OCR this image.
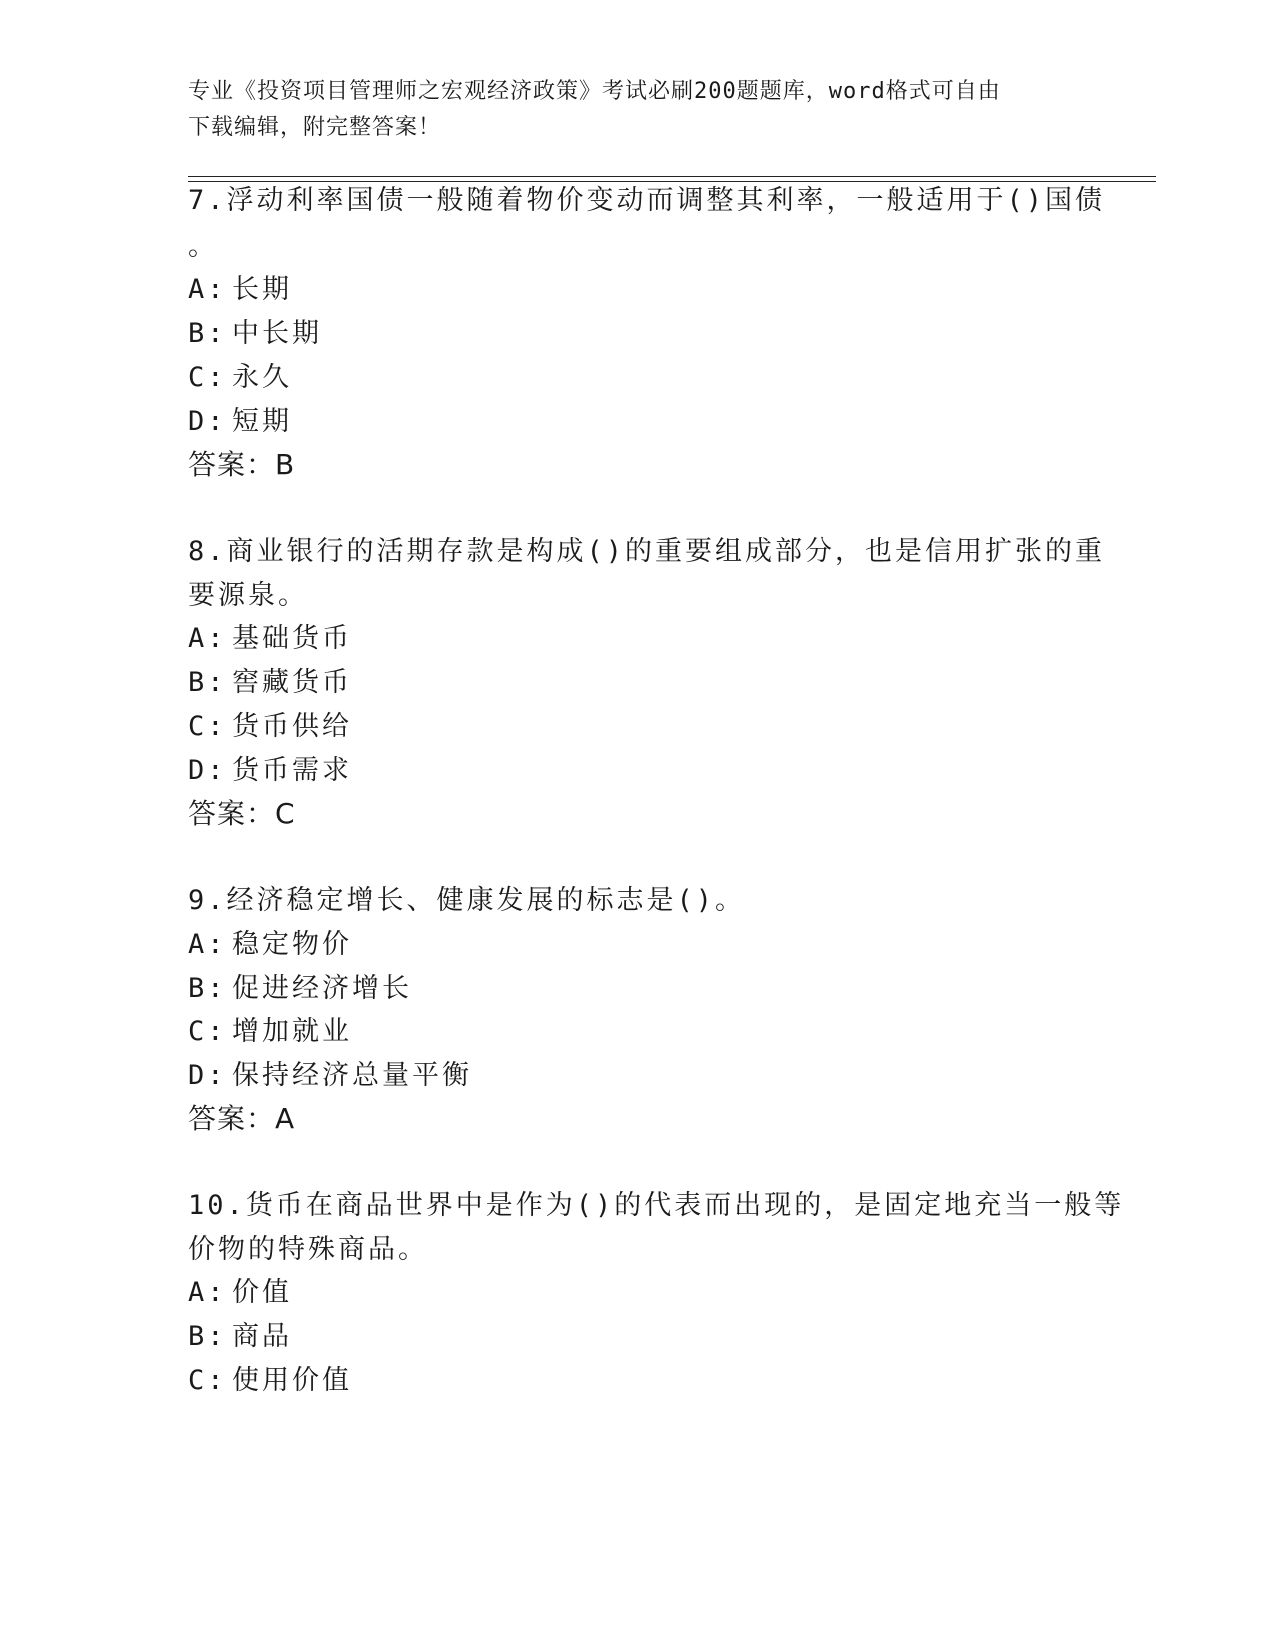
专业《投资项目管理师之宏观经济政策》考试必刷200题题库，word格式可自由
下载编辑，附完整答案！
7.浮动利率国债一般随着物价变动而调整其利率，一般适用于()国债
。
A: 长期
B: 中长期
C: 永久
D: 短期
答案：B
8.商业银行的活期存款是构成()的重要组成部分，也是信用扩张的重
要源泉。
A: 基础货币
B: 窖藏货币
C: 货币供给
D: 货币需求
答案：C
9.经济稳定增长、健康发展的标志是()。
A: 稳定物价
B: 促进经济增长
C: 增加就业
D: 保持经济总量平衡
答案：A
10.货币在商品世界中是作为()的代表而出现的，是固定地充当一般等
价物的特殊商品。
A: 价值
B: 商品
C: 使用价值
